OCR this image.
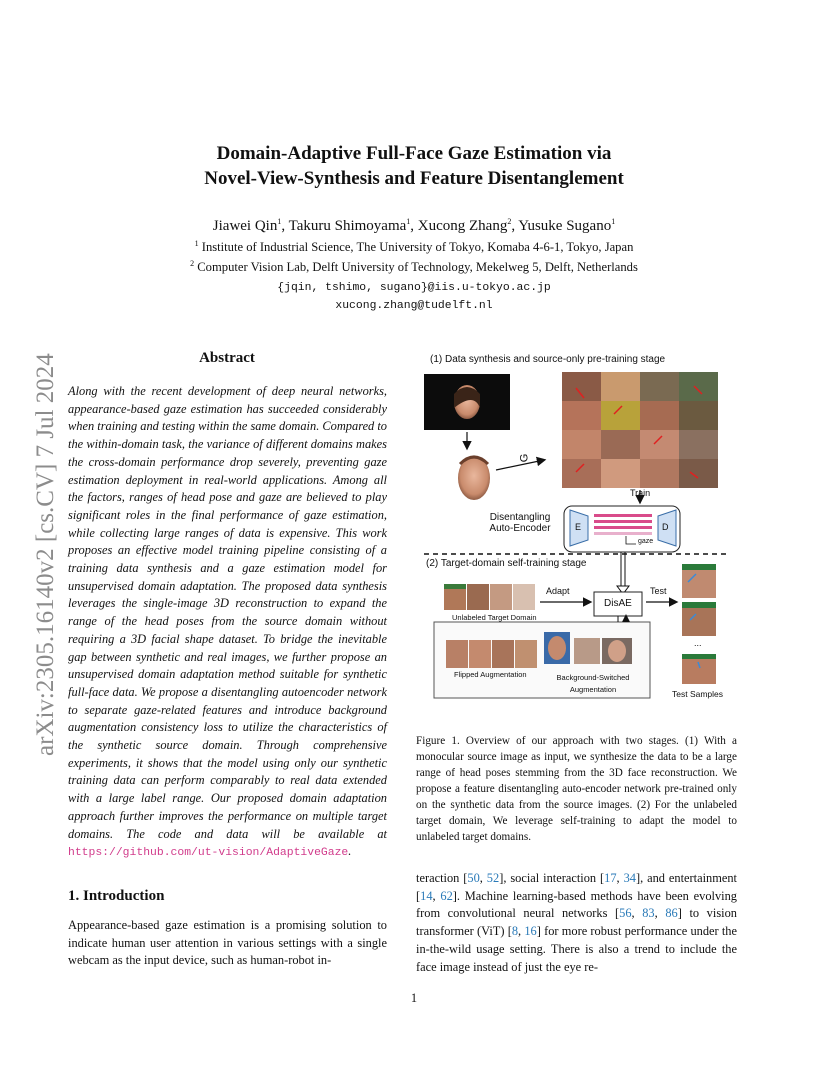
Domain-Adaptive Full-Face Gaze Estimation via
Novel-View-Synthesis and Feature Disentanglement
Jiawei Qin$^1$, Takuru Shimoyama$^1$, Xucong Zhang$^2$, Yusuke Sugano$^1$
$^1$ Institute of Industrial Science, The University of Tokyo, Komaba 4-6-1, Tokyo, Japan
$^2$ Computer Vision Lab, Delft University of Technology, Mekelweg 5, Delft, Netherlands
{jqin, tshimo, sugano}@iis.u-tokyo.ac.jp
xucong.zhang@tudelft.nl
arXiv:2305.16140v2 [cs.CV] 7 Jul 2024	Abstract
Along with the recent development of deep neural networks, appearance-based gaze estimation has succeeded considerably when training and testing within the same domain. Compared to the within-domain task, the variance of different domains makes the cross-domain performance drop severely, preventing gaze estimation deployment in real-world applications. Among all the factors, ranges of head pose and gaze are believed to play significant roles in the final performance of gaze estimation, while collecting large ranges of data is expensive. This work proposes an effective model training pipeline consisting of a training data synthesis and a gaze estimation model for unsupervised domain adaptation. The proposed data synthesis leverages the single-image 3D reconstruction to expand the range of the head poses from the source domain without requiring a 3D facial shape dataset. To bridge the inevitable gap between synthetic and real images, we further propose an unsupervised domain adaptation method suitable for synthetic full-face data. We propose a disentangling autoencoder network to separate gaze-related features and introduce background augmentation consistency loss to utilize the characteristics of the synthetic source domain. Through comprehensive experiments, it shows that the model using only our synthetic training data can perform comparably to real data extended with a large label range. Our proposed domain adaptation approach further improves the performance on multiple target domains. The code and data will be available at https://github.com/ut-vision/AdaptiveGaze.
1. Introduction
Appearance-based gaze estimation is a promising solution to indicate human user attention in various settings with a single webcam as the input device, such as human-robot in-
teraction [50, 52], social interaction [17, 34], and entertainment [14, 62]. Machine learning-based methods have been evolving from convolutional neural networks [56, 83, 86] to vision transformer (ViT) [8, 16] for more robust performance under the in-the-wild usage setting. There is also a trend to include the face image instead of just the eye re-
(1) Data synthesis and source-only pre-training stage
G
Train
Disentangling
Auto-Encoder	E	D
gaze
(2) Target-domain self-training stage
Adapt	Test
DisAE
Unlabeled Target Domain
Flipped Augmentation	Background-Switched
Augmentation
...
Test Samples
Figure 1. Overview of our approach with two stages. (1) With a monocular source image as input, we synthesize the data to be a large range of head poses stemming from the 3D face reconstruction. We propose a feature disentangling auto-encoder network pre-trained only on the synthetic data from the source images. (2) For the unlabeled target domain, We leverage self-training to adapt the model to unlabeled target domains.
1
